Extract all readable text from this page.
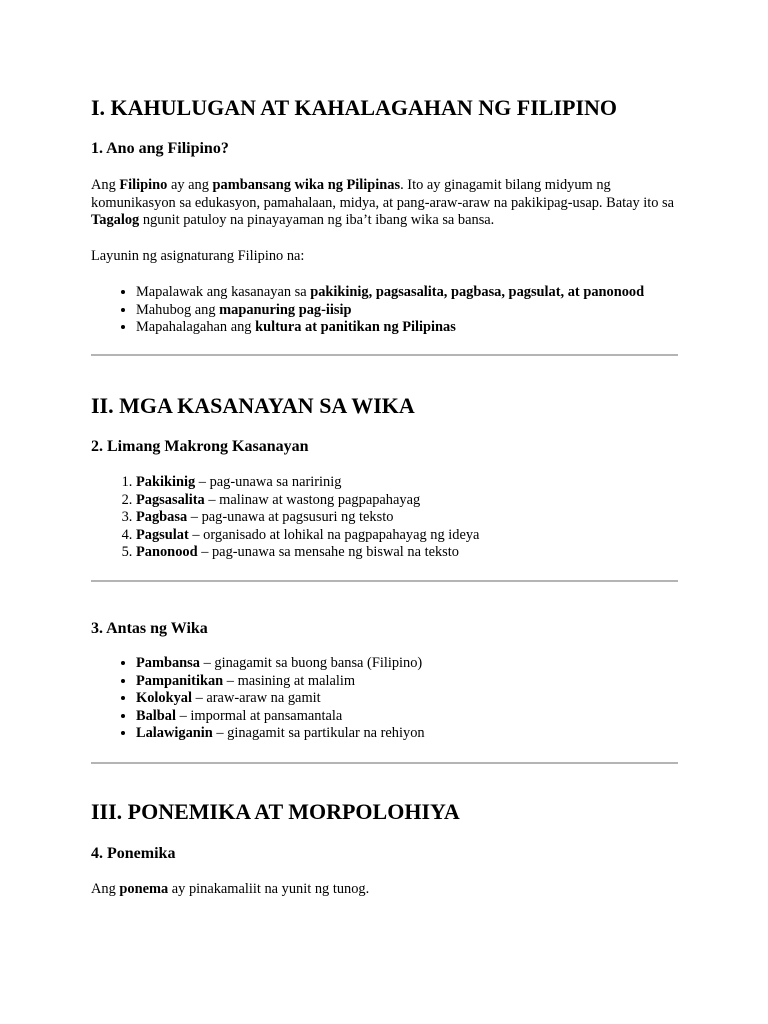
I. KAHULUGAN AT KAHALAGAHAN NG FILIPINO
1. Ano ang Filipino?

Ang Filipino ay ang pambansang wika ng Pilipinas. Ito ay ginagamit bilang midyum ng komunikasyon sa edukasyon, pamahalaan, midya, at pang-araw-araw na pakikipag-usap. Batay ito sa Tagalog ngunit patuloy na pinayayaman ng iba’t ibang wika sa bansa.

Layunin ng asignaturang Filipino na:

• Mapalawak ang kasanayan sa pakikinig, pagsasalita, pagbasa, pagsulat, at panonood
• Mahubog ang mapanuring pag-iisip
• Mapahalagahan ang kultura at panitikan ng Pilipinas
II. MGA KASANAYAN SA WIKA
2. Limang Makrong Kasanayan
1. Pakikinig – pag-unawa sa naririnig
2. Pagsasalita – malinaw at wastong pagpapahayag
3. Pagbasa – pag-unawa at pagsusuri ng teksto
4. Pagsulat – organisado at lohikal na pagpapahayag ng ideya
5. Panonood – pag-unawa sa mensahe ng biswal na teksto
3. Antas ng Wika
• Pambansa – ginagamit sa buong bansa (Filipino)
• Pampanitikan – masining at malalim
• Kolokyal – araw-araw na gamit
• Balbal – impormal at pansamantala
• Lalawiganin – ginagamit sa partikular na rehiyon
III. PONEMIKA AT MORPOLOHIYA
4. Ponemika

Ang ponema ay pinakamaliit na yunit ng tunog.
